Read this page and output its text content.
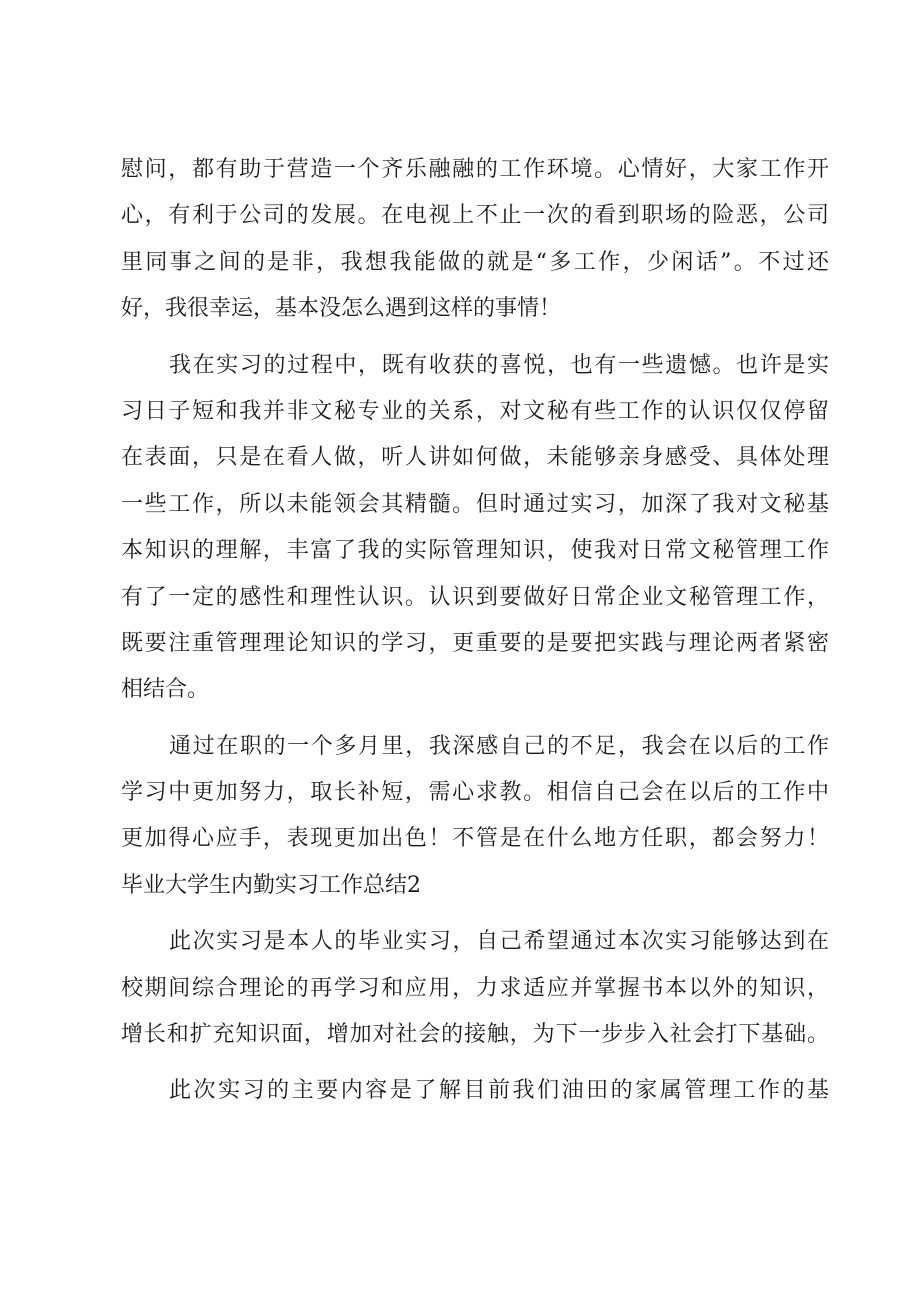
慰问，都有助于营造一个齐乐融融的工作环境。心情好，大家工作开
心，有利于公司的发展。在电视上不止一次的看到职场的险恶，公司
里同事之间的是非，我想我能做的就是“多工作，少闲话”。不过还
好，我很幸运，基本没怎么遇到这样的事情！
我在实习的过程中，既有收获的喜悦，也有一些遗憾。也许是实
习日子短和我并非文秘专业的关系，对文秘有些工作的认识仅仅停留
在表面，只是在看人做，听人讲如何做，未能够亲身感受、具体处理
一些工作，所以未能领会其精髓。但时通过实习，加深了我对文秘基
本知识的理解，丰富了我的实际管理知识，使我对日常文秘管理工作
有了一定的感性和理性认识。认识到要做好日常企业文秘管理工作，
既要注重管理理论知识的学习，更重要的是要把实践与理论两者紧密
相结合。
通过在职的一个多月里，我深感自己的不足，我会在以后的工作
学习中更加努力，取长补短，需心求教。相信自己会在以后的工作中
更加得心应手，表现更加出色！不管是在什么地方任职，都会努力！
毕业大学生内勤实习工作总结2
此次实习是本人的毕业实习，自己希望通过本次实习能够达到在
校期间综合理论的再学习和应用，力求适应并掌握书本以外的知识，
增长和扩充知识面，增加对社会的接触，为下一步步入社会打下基础。
此次实习的主要内容是了解目前我们油田的家属管理工作的基
